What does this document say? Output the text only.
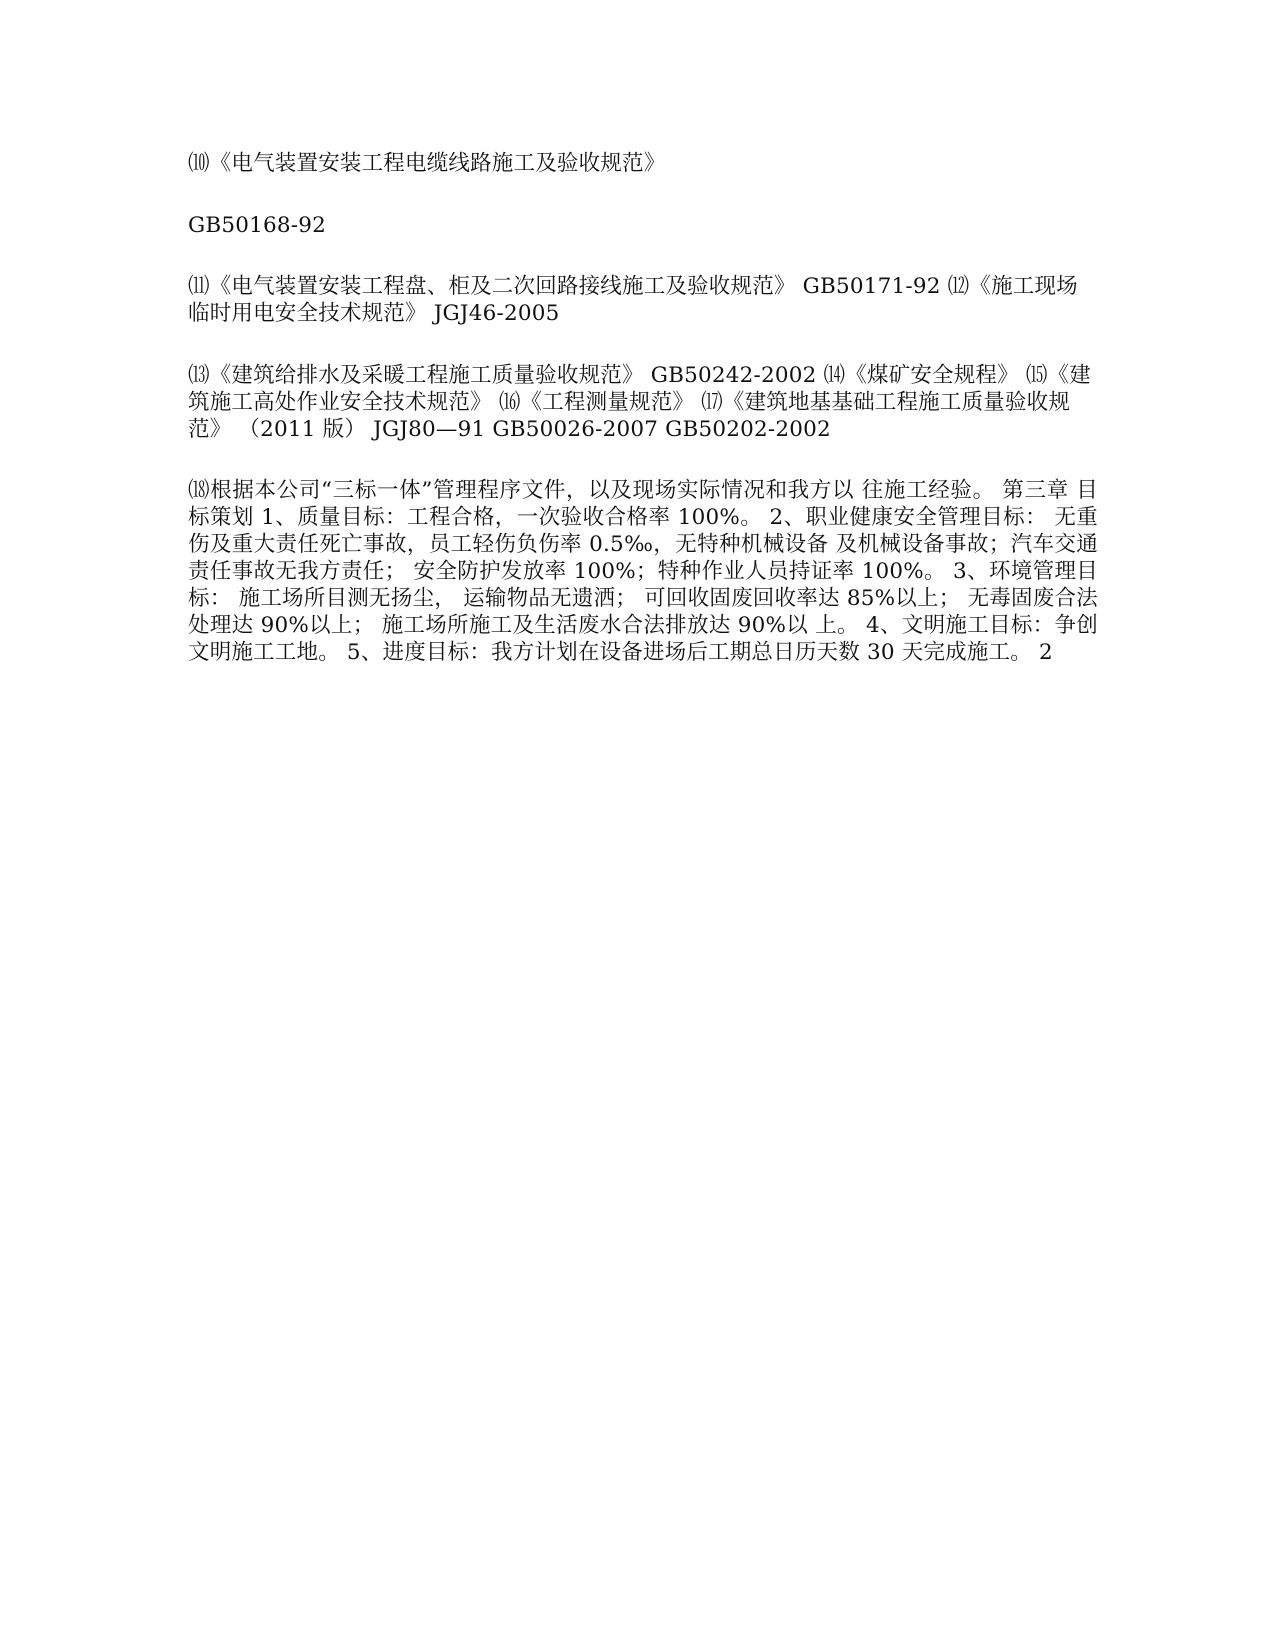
⑽《电气装置安装工程电缆线路施工及验收规范》

GB50168-92

⑾《电气装置安装工程盘、柜及二次回路接线施工及验收规范》 GB50171-92 ⑿《施工现场临时用电安全技术规范》 JGJ46-2005

⒀《建筑给排水及采暖工程施工质量验收规范》 GB50242-2002 ⒁《煤矿安全规程》 ⒂《建筑施工高处作业安全技术规范》 ⒃《工程测量规范》 ⒄《建筑地基基础工程施工质量验收规范》 （2011 版） JGJ80—91 GB50026-2007 GB50202-2002

⒅根据本公司“三标一体”管理程序文件，以及现场实际情况和我方以 往施工经验。 第三章 目标策划 1、质量目标：工程合格，一次验收合格率 100%。 2、职业健康安全管理目标： 无重伤及重大责任死亡事故，员工轻伤负伤率 0.5‰，无特种机械设备 及机械设备事故；汽车交通责任事故无我方责任； 安全防护发放率 100%；特种作业人员持证率 100%。 3、环境管理目标： 施工场所目测无扬尘， 运输物品无遗洒； 可回收固废回收率达 85%以上； 无毒固废合法处理达 90%以上； 施工场所施工及生活废水合法排放达 90%以 上。 4、文明施工目标：争创文明施工工地。 5、进度目标：我方计划在设备进场后工期总日历天数 30 天完成施工。 2
